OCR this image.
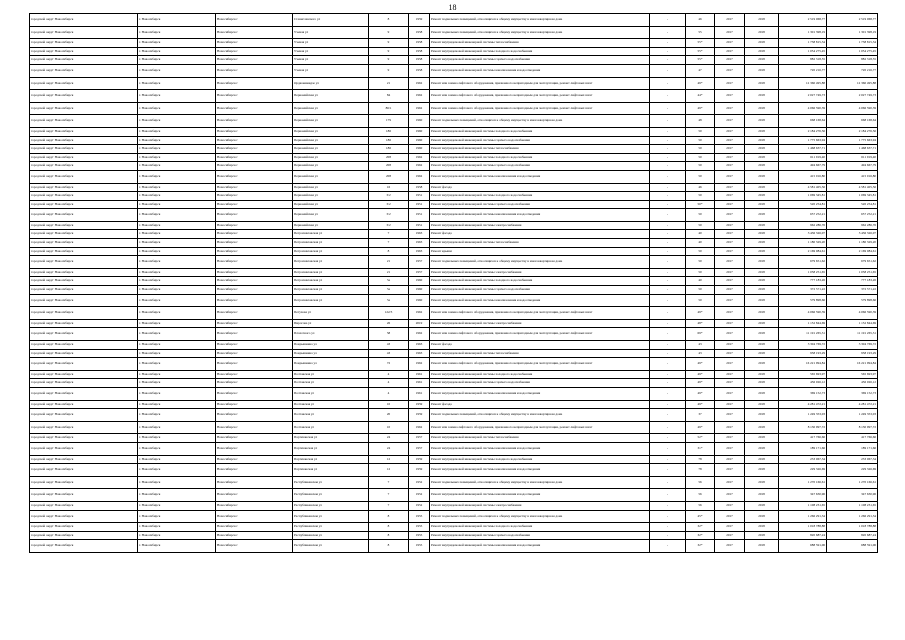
18
городской округ Новосибирск	г. Новосибирск	Новосибирск г	Станиславского ул	8	1959	Ремонт подвальных помещений, относящихся к общему имуществу в многоквартирном доме	-	46	2017	2018	2 519 068,77	2 519 068,77
городской округ Новосибирск	г. Новосибирск	Новосибирск г	Ученая ул	9	1958	Ремонт подвальных помещений, относящихся к общему имуществу в многоквартирном доме	-	55	2017	2018	1 301 398,19	1 301 398,19
городской округ Новосибирск	г. Новосибирск	Новосибирск г	Ученая ул	9	1958	Ремонт внутридомовой инженерной системы теплоснабжения	-	55*	2017	2018	1 738 815,34	1 738 815,34
городской округ Новосибирск	г. Новосибирск	Новосибирск г	Ученая ул	9	1958	Ремонт внутридомовой инженерной системы холодного водоснабжения	-	55*	2017	2018	1 054 275,45	1 054 275,45
городской округ Новосибирск	г. Новосибирск	Новосибирск г	Ученая ул	9	1958	Ремонт внутридомовой инженерной системы горячего водоснабжения	-	55*	2017	2018	882 318,55	882 318,55
городской округ Новосибирск	г. Новосибирск	Новосибирск г	Ученая ул	9	1958	Ремонт внутридомовой инженерной системы канализования и водоотведения	-	47	2017	2018	720 216,77	720 216,77
городской округ Новосибирск	г. Новосибирск	Новосибирск г	Орджоникидзе ул	21	1962	Ремонт или замена лифтового оборудования, признанного непригодным для эксплуатации, ремонт лифтовых шахт	-	49*	2017	2018	12 360 495,88	12 360 495,88
городской округ Новосибирск	г. Новосибирск	Новосибирск г	Первомайская ул	84	1962	Ремонт или замена лифтового оборудования, признанного непригодным для эксплуатации, ремонт лифтовых шахт	-	44*	2017	2018	2 027 749,73	2 027 749,73
городской округ Новосибирск	г. Новосибирск	Новосибирск г	Первомайская ул	86/1	1962	Ремонт или замена лифтового оборудования, признанного непригодным для эксплуатации, ремонт лифтовых шахт	-	49*	2017	2018	4 066 590,39	4 066 590,39
городской округ Новосибирск	г. Новосибирск	Новосибирск г	Первомайская ул	179	1960	Ремонт подвальных помещений, относящихся к общему имуществу в многоквартирном доме	-	48	2017	2018	668 168,64	668 168,64
городской округ Новосибирск	г. Новосибирск	Новосибирск г	Первомайская ул	186	1960	Ремонт внутридомовой инженерной системы холодного водоснабжения	-	50	2017	2018	2 184 276,56	2 184 276,56
городской округ Новосибирск	г. Новосибирск	Новосибирск г	Первомайская ул	186	1960	Ремонт внутридомовой инженерной системы горячего водоснабжения	-	50	2017	2018	1 775 663,94	1 775 663,94
городской округ Новосибирск	г. Новосибирск	Новосибирск г	Первомайская ул	186	1960	Ремонт внутридомовой инженерной системы теплоснабжения	-	50	2017	2018	1 468 637,71	1 468 637,71
городской округ Новосибирск	г. Новосибирск	Новосибирск г	Первомайская ул	208	1962	Ремонт внутридомовой инженерной системы холодного водоснабжения	-	50	2017	2018	611 919,40	611 919,40
городской округ Новосибирск	г. Новосибирск	Новосибирск г	Первомайская ул	208	1962	Ремонт внутридомовой инженерной системы горячего водоснабжения	-	50	2017	2018	494 667,79	494 667,79
городской округ Новосибирск	г. Новосибирск	Новосибирск г	Первомайская ул	208	1962	Ремонт внутридомовой инженерной системы канализования и водоотведения	-	50	2017	2018	415 016,80	415 016,80
городской округ Новосибирск	г. Новосибирск	Новосибирск г	Первомайская ул	16	1958	Ремонт фасада	-	46	2017	2018	4 581 405,56	4 581 405,56
городской округ Новосибирск	г. Новосибирск	Новосибирск г	Первомайская ул	3/2	1951	Ремонт внутридомовой инженерной системы холодного водоснабжения	-	50	2017	2018	1 069 345,81	1 069 345,81
городской округ Новосибирск	г. Новосибирск	Новосибирск г	Первомайская ул	3/2	1951	Ремонт внутридомовой инженерной системы горячего водоснабжения	-	50*	2017	2018	520 254,81	520 254,81
городской округ Новосибирск	г. Новосибирск	Новосибирск г	Первомайская ул	3/2	1951	Ремонт внутридомовой инженерной системы канализования и водоотведения	-	50	2017	2018	657 252,21	657 252,21
городской округ Новосибирск	г. Новосибирск	Новосибирск г	Первомайская ул	3/2	1951	Ремонт внутридомовой инженерной системы электроснабжения	-	50	2017	2018	962 286,76	962 286,76
городской округ Новосибирск	г. Новосибирск	Новосибирск г	Петропавловская ул	7	1963	Ремонт фасада	-	40	2017	2018	3 436 326,07	3 436 326,07
городской округ Новосибирск	г. Новосибирск	Новосибирск г	Петропавловская ул	7	1963	Ремонт внутридомовой инженерной системы теплоснабжения	-	40	2017	2018	1 180 329,20	1 180 329,20
городской округ Новосибирск	г. Новосибирск	Новосибирск г	Петропавловская ул	8	1963	Ремонт крыши	-	50	2017	2018	2 169 084,61	2 169 084,61
городской округ Новосибирск	г. Новосибирск	Новосибирск г	Петропавловская ул	21	1957	Ремонт подвальных помещений, относящихся к общему имуществу в многоквартирном доме	-	50	2017	2018	679 651,62	679 651,62
городской округ Новосибирск	г. Новосибирск	Новосибирск г	Петропавловская ул	21	1957	Ремонт внутридомовой инженерной системы электроснабжения	-	50	2017	2018	1 058 251,65	1 058 251,65
городской округ Новосибирск	г. Новосибирск	Новосибирск г	Петропавловская ул	5а	1960	Ремонт внутридомовой инженерной системы холодного водоснабжения	-	40	2017	2018	777 183,26	777 183,26
городской округ Новосибирск	г. Новосибирск	Новосибирск г	Петропавловская ул	5а	1960	Ремонт внутридомовой инженерной системы горячего водоснабжения	-	50	2017	2018	372 571,22	372 571,22
городской округ Новосибирск	г. Новосибирск	Новосибирск г	Петропавловская ул	5а	1960	Ремонт внутридомовой инженерной системы канализования и водоотведения	-	50	2017	2018	579 898,66	579 898,66
городской округ Новосибирск	г. Новосибирск	Новосибирск г	Петухова ул	122/3	1962	Ремонт или замена лифтового оборудования, признанного непригодным для эксплуатации, ремонт лифтовых шахт	-	49*	2017	2018	4 066 590,39	4 066 590,39
городской округ Новосибирск	г. Новосибирск	Новосибирск г	Пирогова ул	26	2019	Ремонт внутридомовой инженерной системы электроснабжения	-	48*	2017	2018	1 152 844,69	1 152 844,69
городской округ Новосибирск	г. Новосибирск	Новосибирск г	Плахотного ул	58	1962	Ремонт или замена лифтового оборудования, признанного непригодным для эксплуатации, ремонт лифтовых шахт	-	69*	2017	2018	11 191 265,31	11 191 265,31
городской округ Новосибирск	г. Новосибирск	Новосибирск г	Покрышкина ул	43	1963	Ремонт фасада	-	43	2017	2018	3 304 769,72	3 304 769,72
городской округ Новосибирск	г. Новосибирск	Новосибирск г	Покрышкина ул	43	1963	Ремонт внутридомовой инженерной системы теплоснабжения	-	43	2017	2018	958 193,29	958 193,29
городской округ Новосибирск	г. Новосибирск	Новосибирск г	Покрышкина ул	72	1962	Ремонт или замена лифтового оборудования, признанного непригодным для эксплуатации, ремонт лифтовых шахт	-	49*	2017	2018	16 221 994,84	16 221 994,84
городской округ Новосибирск	г. Новосибирск	Новосибирск г	Полтавская ул	4	1961	Ремонт внутридомовой инженерной системы холодного водоснабжения	-	49*	2017	2018	565 693,97	565 693,97
городской округ Новосибирск	г. Новосибирск	Новосибирск г	Полтавская ул	4	1961	Ремонт внутридомовой инженерной системы горячего водоснабжения	-	49*	2017	2018	456 026,12	456 026,12
городской округ Новосибирск	г. Новосибирск	Новосибирск г	Полтавская ул	4	1961	Ремонт внутридомовой инженерной системы канализования и водоотведения	-	49*	2017	2018	369 152,73	369 152,73
городской округ Новосибирск	г. Новосибирск	Новосибирск г	Полтавская ул	10	1959	Ремонт фасада	-	49*	2017	2018	4 281 472,21	4 281 472,21
городской округ Новосибирск	г. Новосибирск	Новосибирск г	Полтавская ул	20	1959	Ремонт подвальных помещений, относящихся к общему имуществу в многоквартирном доме	-	37	2017	2018	1 249 353,03	1 249 353,03
городской округ Новосибирск	г. Новосибирск	Новосибирск г	Полтавская ул	10	1962	Ремонт или замена лифтового оборудования, признанного непригодным для эксплуатации, ремонт лифтовых шахт	-	49*	2017	2018	8 130 997,72	8 130 997,72
городской округ Новосибирск	г. Новосибирск	Новосибирск г	Партизанская ул	24	1957	Ремонт внутридомовой инженерной системы теплоснабжения	-	52*	2017	2018	417 766,66	417 766,66
городской округ Новосибирск	г. Новосибирск	Новосибирск г	Партизанская ул	24	1957	Ремонт внутридомовой инженерной системы канализования и водоотведения	-	31*	2017	2018	189 171,66	189 171,66
городской округ Новосибирск	г. Новосибирск	Новосибирск г	Партизанская ул	12	1959	Ремонт внутридомовой инженерной системы холодного водоснабжения	-	78	2017	2018	233 067,34	233 067,34
городской округ Новосибирск	г. Новосибирск	Новосибирск г	Партизанская ул	12	1959	Ремонт внутридомовой инженерной системы канализования и водоотведения	-	78	2017	2018	229 326,69	229 326,69
городской округ Новосибирск	г. Новосибирск	Новосибирск г	Республиканская ул	7	1952	Ремонт подвальных помещений, относящихся к общему имуществу в многоквартирном доме	-	56	2017	2018	1 270 166,61	1 270 166,61
городской округ Новосибирск	г. Новосибирск	Новосибирск г	Республиканская ул	7	1952	Ремонт внутридомовой инженерной системы канализования и водоотведения	-	56	2017	2018	347 630,96	347 630,96
городской округ Новосибирск	г. Новосибирск	Новосибирск г	Республиканская ул	7	1952	Ремонт внутридомовой инженерной системы электроснабжения	-	56	2017	2018	1 108 231,65	1 108 231,65
городской округ Новосибирск	г. Новосибирск	Новосибирск г	Республиканская ул	8	1955	Ремонт подвальных помещений, относящихся к общему имуществу в многоквартирном доме	-	45*	2017	2018	1 266 291,34	1 266 291,34
городской округ Новосибирск	г. Новосибирск	Новосибирск г	Республиканская ул	8	1955	Ремонт внутридомовой инженерной системы холодного водоснабжения	-	32*	2017	2018	1 018 788,88	1 018 788,88
городской округ Новосибирск	г. Новосибирск	Новосибирск г	Республиканская ул	8	1955	Ремонт внутридомовой инженерной системы горячего водоснабжения	-	32*	2017	2018	820 687,24	820 687,24
городской округ Новосибирск	г. Новосибирск	Новосибирск г	Республиканская ул	8	1955	Ремонт внутридомовой инженерной системы канализования и водоотведения	-	32*	2017	2018	688 591,06	688 591,06
